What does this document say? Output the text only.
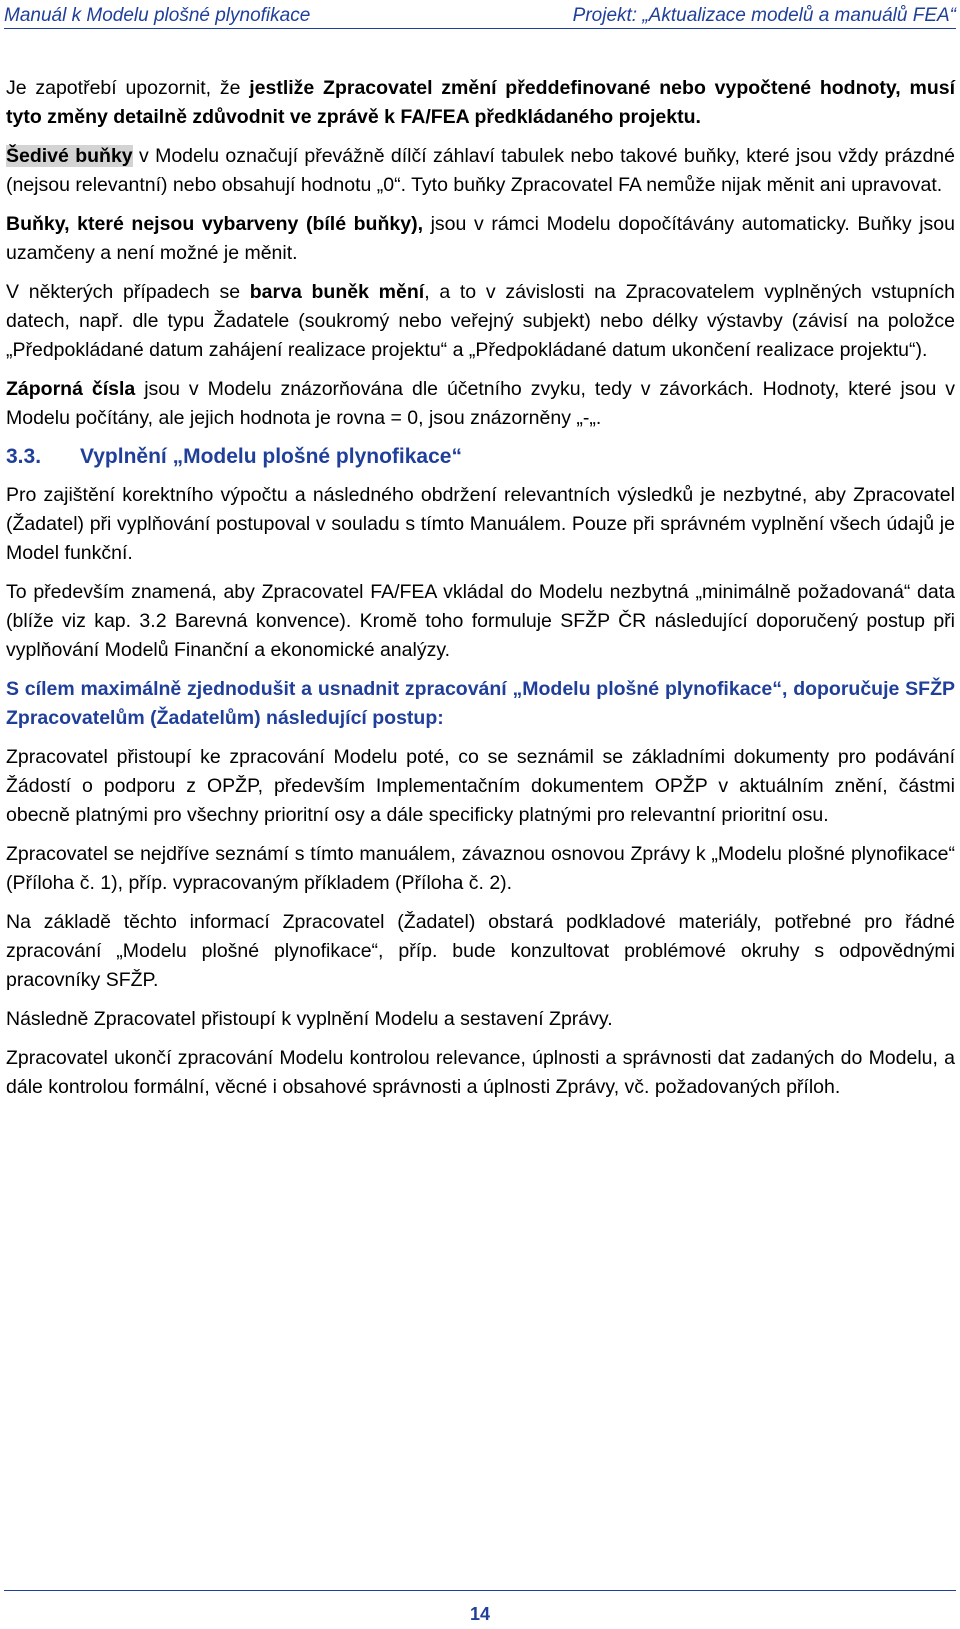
Manuál k Modelu plošné plynofikace	Projekt: „Aktualizace modelů a manuálů FEA“

Je zapotřebí upozornit, že jestliže Zpracovatel změní předdefinované nebo vypočtené hodnoty, musí tyto změny detailně zdůvodnit ve zprávě k FA/FEA předkládaného projektu.

Šedivé buňky v Modelu označují převážně dílčí záhlaví tabulek nebo takové buňky, které jsou vždy prázdné (nejsou relevantní) nebo obsahují hodnotu „0“. Tyto buňky Zpracovatel FA nemůže nijak měnit ani upravovat.

Buňky, které nejsou vybarveny (bílé buňky), jsou v rámci Modelu dopočítávány automaticky. Buňky jsou uzamčeny a není možné je měnit.

V některých případech se barva buněk mění, a to v závislosti na Zpracovatelem vyplněných vstupních datech, např. dle typu Žadatele (soukromý nebo veřejný subjekt) nebo délky výstavby (závisí na položce „Předpokládané datum zahájení realizace projektu“ a „Předpokládané datum ukončení realizace projektu“).

Záporná čísla jsou v Modelu znázorňována dle účetního zvyku, tedy v závorkách. Hodnoty, které jsou v Modelu počítány, ale jejich hodnota je rovna = 0, jsou znázorněny „-„.

3.3. Vyplnění „Modelu plošné plynofikace“

Pro zajištění korektního výpočtu a následného obdržení relevantních výsledků je nezbytné, aby Zpracovatel (Žadatel) při vyplňování postupoval v souladu s tímto Manuálem. Pouze při správném vyplnění všech údajů je Model funkční.

To především znamená, aby Zpracovatel FA/FEA vkládal do Modelu nezbytná „minimálně požadovaná“ data (blíže viz kap. 3.2 Barevná konvence). Kromě toho formuluje SFŽP ČR následující doporučený postup při vyplňování Modelů Finanční a ekonomické analýzy.

S cílem maximálně zjednodušit a usnadnit zpracování „Modelu plošné plynofikace“, doporučuje SFŽP Zpracovatelům (Žadatelům) následující postup:

Zpracovatel přistoupí ke zpracování Modelu poté, co se seznámil se základními dokumenty pro podávání Žádostí o podporu z OPŽP, především Implementačním dokumentem OPŽP v aktuálním znění, částmi obecně platnými pro všechny prioritní osy a dále specificky platnými pro relevantní prioritní osu.

Zpracovatel se nejdříve seznámí s tímto manuálem, závaznou osnovou Zprávy k „Modelu plošné plynofikace“ (Příloha č. 1), příp. vypracovaným příkladem (Příloha č. 2).

Na základě těchto informací Zpracovatel (Žadatel) obstará podkladové materiály, potřebné pro řádné zpracování „Modelu plošné plynofikace“, příp. bude konzultovat problémové okruhy s odpovědnými pracovníky SFŽP.

Následně Zpracovatel přistoupí k vyplnění Modelu a sestavení Zprávy.

Zpracovatel ukončí zpracování Modelu kontrolou relevance, úplnosti a správnosti dat zadaných do Modelu, a dále kontrolou formální, věcné i obsahové správnosti a úplnosti Zprávy, vč. požadovaných příloh.

14
